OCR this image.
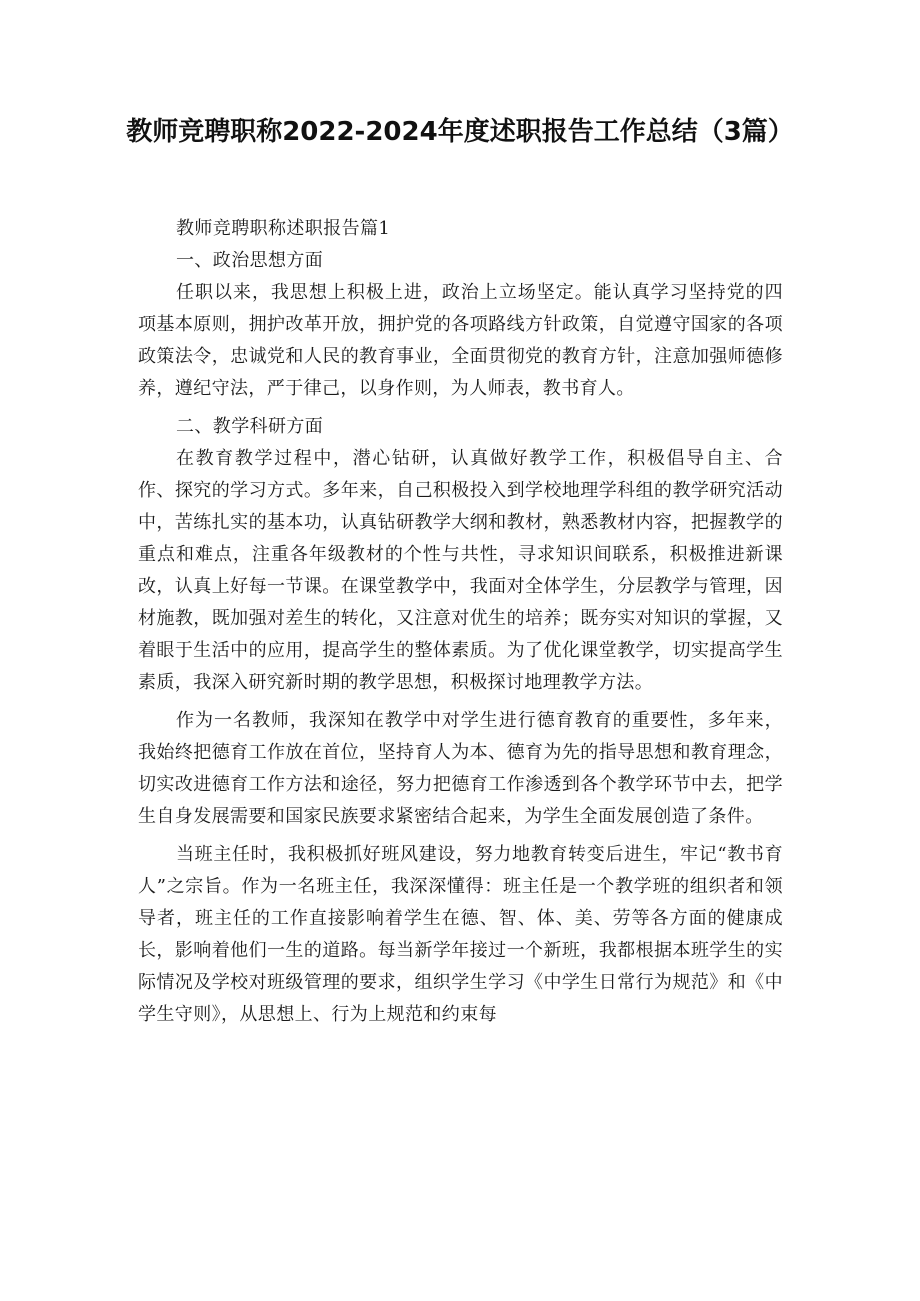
教师竞聘职称2022-2024年度述职报告工作总结（3篇）

教师竞聘职称述职报告篇1

一、政治思想方面

任职以来，我思想上积极上进，政治上立场坚定。能认真学习坚持党的四项基本原则，拥护改革开放，拥护党的各项路线方针政策，自觉遵守国家的各项政策法令，忠诚党和人民的教育事业，全面贯彻党的教育方针，注意加强师德修养，遵纪守法，严于律己，以身作则，为人师表，教书育人。

二、教学科研方面

在教育教学过程中，潜心钻研，认真做好教学工作，积极倡导自主、合作、探究的学习方式。多年来，自己积极投入到学校地理学科组的教学研究活动中，苦练扎实的基本功，认真钻研教学大纲和教材，熟悉教材内容，把握教学的重点和难点，注重各年级教材的个性与共性，寻求知识间联系，积极推进新课改，认真上好每一节课。在课堂教学中，我面对全体学生，分层教学与管理，因材施教，既加强对差生的转化，又注意对优生的培养；既夯实对知识的掌握，又着眼于生活中的应用，提高学生的整体素质。为了优化课堂教学，切实提高学生素质，我深入研究新时期的教学思想，积极探讨地理教学方法。

作为一名教师，我深知在教学中对学生进行德育教育的重要性，多年来，我始终把德育工作放在首位，坚持育人为本、德育为先的指导思想和教育理念，切实改进德育工作方法和途径，努力把德育工作渗透到各个教学环节中去，把学生自身发展需要和国家民族要求紧密结合起来，为学生全面发展创造了条件。

当班主任时，我积极抓好班风建设，努力地教育转变后进生，牢记“教书育人”之宗旨。作为一名班主任，我深深懂得：班主任是一个教学班的组织者和领导者，班主任的工作直接影响着学生在德、智、体、美、劳等各方面的健康成长，影响着他们一生的道路。每当新学年接过一个新班，我都根据本班学生的实际情况及学校对班级管理的要求，组织学生学习《中学生日常行为规范》和《中学生守则》，从思想上、行为上规范和约束每
